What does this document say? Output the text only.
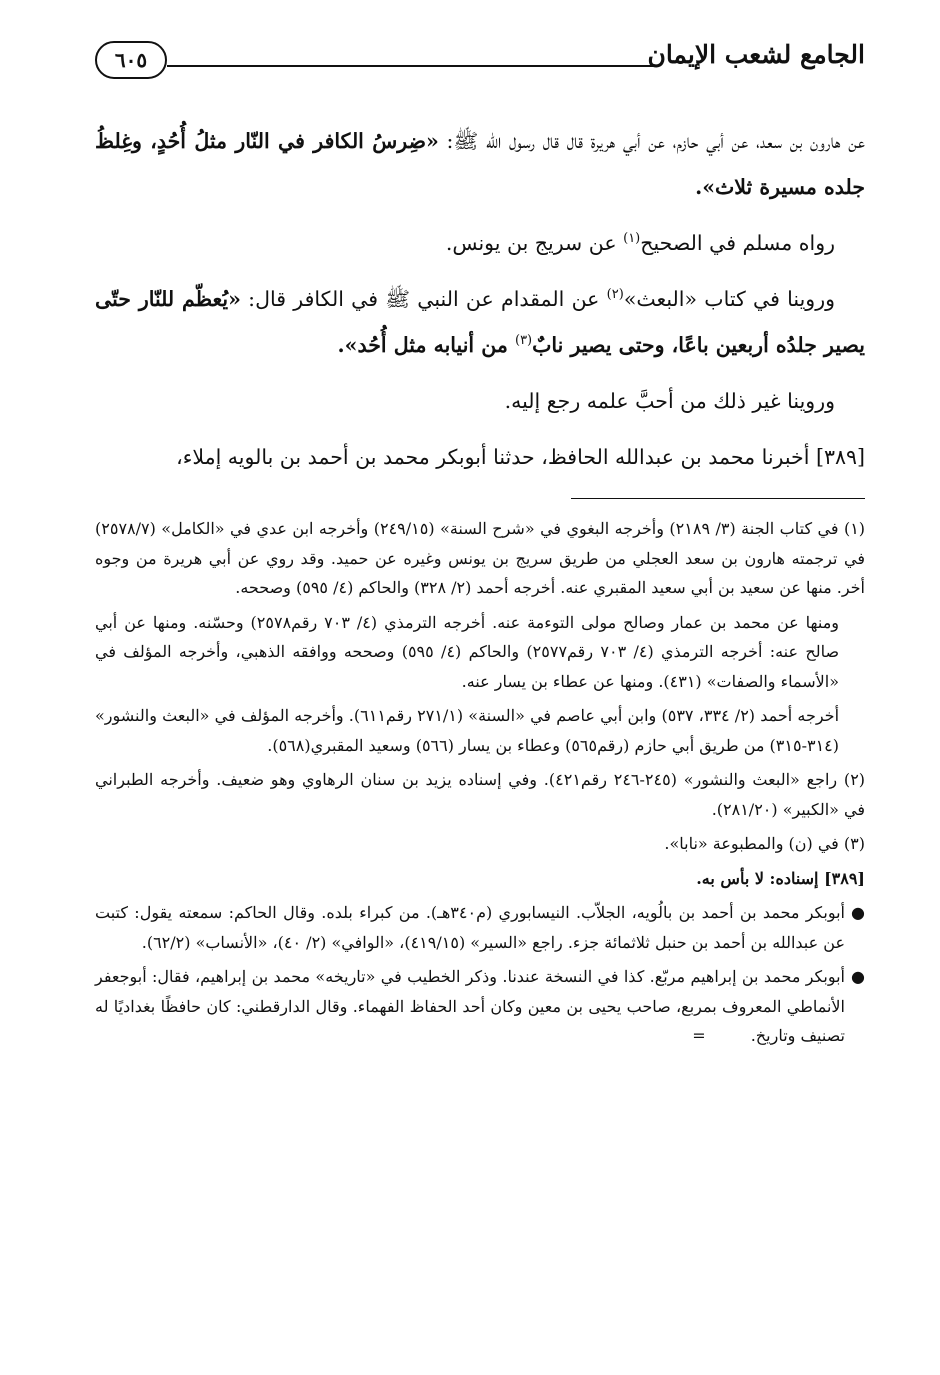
الجامع لشعب الإيمان
٦٠٥

عن هارون بن سعد، عن أبي حازم، عن أبي هريرة قال قال رسول الله ﷺ: «ضِرسُ الكافر في النّار مثلُ أُحُدٍ، وغِلظُ جلده مسيرة ثلاث».

رواه مسلم في الصحيح$^{(١)}$ عن سريج بن يونس.

وروينا في كتاب «البعث»$^{(٢)}$ عن المقدام عن النبي ﷺ في الكافر قال: «يُعظّم للنّار حتّى يصير جلدُه أربعين باعًا، وحتى يصير نابٌ$^{(٣)}$ من أنيابه مثل أُحُد».

وروينا غير ذلك من أحبَّ علمه رجع إليه.

[٣٨٩] أخبرنا محمد بن عبدالله الحافظ، حدثنا أبوبكر محمد بن أحمد بن بالويه إملاء،

(١) في كتاب الجنة (٣/ ٢١٨٩) وأخرجه البغوي في «شرح السنة» (٢٤٩/١٥) وأخرجه ابن عدي في «الكامل» (٢٥٧٨/٧) في ترجمته هارون بن سعد العجلي من طريق سريج بن يونس وغيره عن حميد. وقد روي عن أبي هريرة من وجوه أخر. منها عن سعيد بن أبي سعيد المقبري عنه. أخرجه أحمد (٢/ ٣٢٨) والحاكم (٤/ ٥٩٥) وصححه.

ومنها عن محمد بن عمار وصالح مولى التوءمة عنه. أخرجه الترمذي (٤/ ٧٠٣ رقم٢٥٧٨) وحسّنه. ومنها عن أبي صالح عنه: أخرجه الترمذي (٤/ ٧٠٣ رقم٢٥٧٧) والحاكم (٤/ ٥٩٥) وصححه ووافقه الذهبي، وأخرجه المؤلف في «الأسماء والصفات» (٤٣١). ومنها عن عطاء بن يسار عنه.

أخرجه أحمد (٢/ ٣٣٤، ٥٣٧) وابن أبي عاصم في «السنة» (٢٧١/١ رقم٦١١). وأخرجه المؤلف في «البعث والنشور» (٣١٤-٣١٥) من طريق أبي حازم (رقم٥٦٥) وعطاء بن يسار (٥٦٦) وسعيد المقبري(٥٦٨).

(٢) راجع «البعث والنشور» (٢٤٥-٢٤٦ رقم٤٢١). وفي إسناده يزيد بن سنان الرهاوي وهو ضعيف. وأخرجه الطبراني في «الكبير» (٢٨١/٢٠).

(٣) في (ن) والمطبوعة «نابا».

[٣٨٩] إسناده: لا بأس به.

●
أبوبكر محمد بن أحمد بن بالُويه، الجلاّب. النيسابوري (م٣٤٠هـ). من كبراء بلده. وقال الحاكم: سمعته يقول: كتبت عن عبدالله بن أحمد بن حنبل ثلاثمائة جزء. راجع «السير» (٤١٩/١٥)، «الوافي» (٢/ ٤٠)، «الأنساب» (٦٢/٢).
●
أبوبكر محمد بن إبراهيم مربّع. كذا في النسخة عندنا. وذكر الخطيب في «تاريخه» محمد بن إبراهيم، فقال: أبوجعفر الأنماطي المعروف بمربع، صاحب يحيى بن معين وكان أحد الحفاظ الفهماء. وقال الدارقطني: كان حافظًا بغداديًا له تصنيف وتاريخ. =
